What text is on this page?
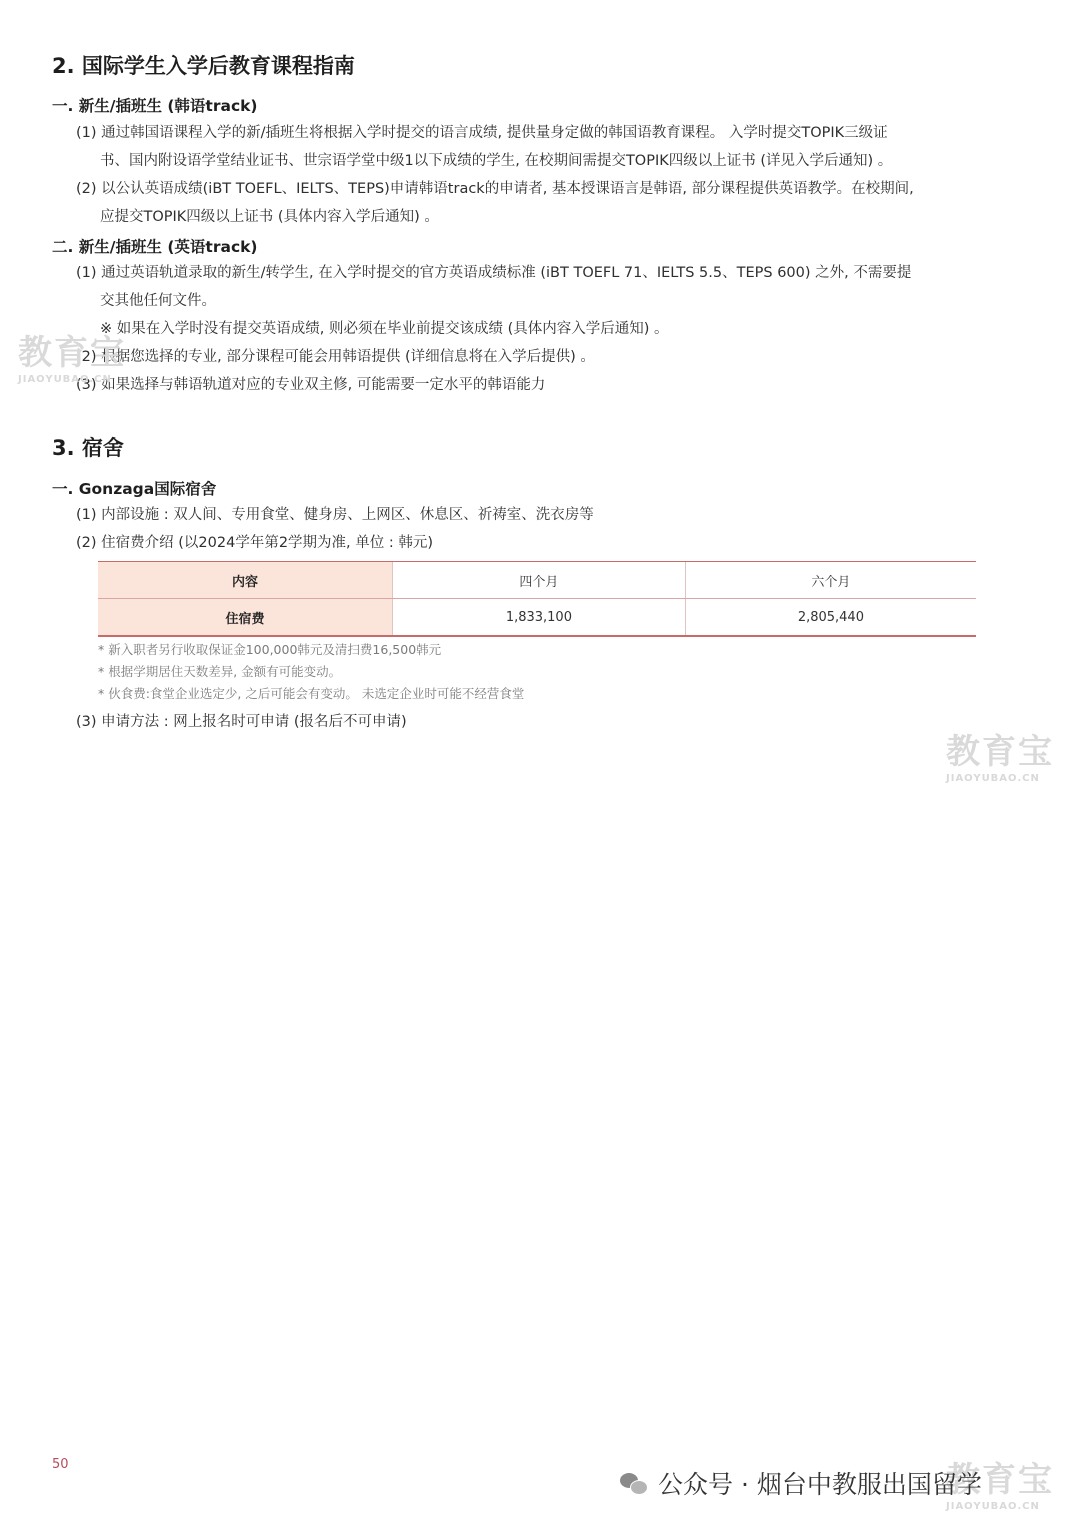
2. 国际学生入学后教育课程指南
一. 新生/插班生 (韩语track)
(1) 通过韩国语课程入学的新/插班生将根据入学时提交的语言成绩, 提供量身定做的韩国语教育课程。 入学时提交TOPIK三级证
书、国内附设语学堂结业证书、世宗语学堂中级1以下成绩的学生, 在校期间需提交TOPIK四级以上证书 (详见入学后通知) 。
(2) 以公认英语成绩(iBT TOEFL、IELTS、TEPS)申请韩语track的申请者, 基本授课语言是韩语, 部分课程提供英语教学。在校期间,
应提交TOPIK四级以上证书 (具体内容入学后通知) 。
二. 新生/插班生 (英语track)
(1) 通过英语轨道录取的新生/转学生, 在入学时提交的官方英语成绩标准 (iBT TOEFL 71、IELTS 5.5、TEPS 600) 之外, 不需要提
交其他任何文件。
※ 如果在入学时没有提交英语成绩, 则必须在毕业前提交该成绩 (具体内容入学后通知) 。
(2) 根据您选择的专业, 部分课程可能会用韩语提供 (详细信息将在入学后提供) 。
(3) 如果选择与韩语轨道对应的专业双主修, 可能需要一定水平的韩语能力
3. 宿舍
一. Gonzaga国际宿舍
(1) 内部设施 : 双人间、专用食堂、健身房、上网区、休息区、祈祷室、洗衣房等
(2) 住宿费介绍 (以2024学年第2学期为准, 单位 : 韩元)
内容	四个月	六个月
住宿费	1,833,100	2,805,440
* 新入职者另行收取保证金100,000韩元及清扫费16,500韩元
* 根据学期居住天数差异, 金额有可能变动。
* 伙食费:食堂企业选定少, 之后可能会有变动。 未选定企业时可能不经营食堂
(3) 申请方法 : 网上报名时可申请 (报名后不可申请)
教育宝
JIAOYUBAO.CN
教育宝
JIAOYUBAO.CN
教育宝
JIAOYUBAO.CN
50
公众号 · 烟台中教服出国留学
